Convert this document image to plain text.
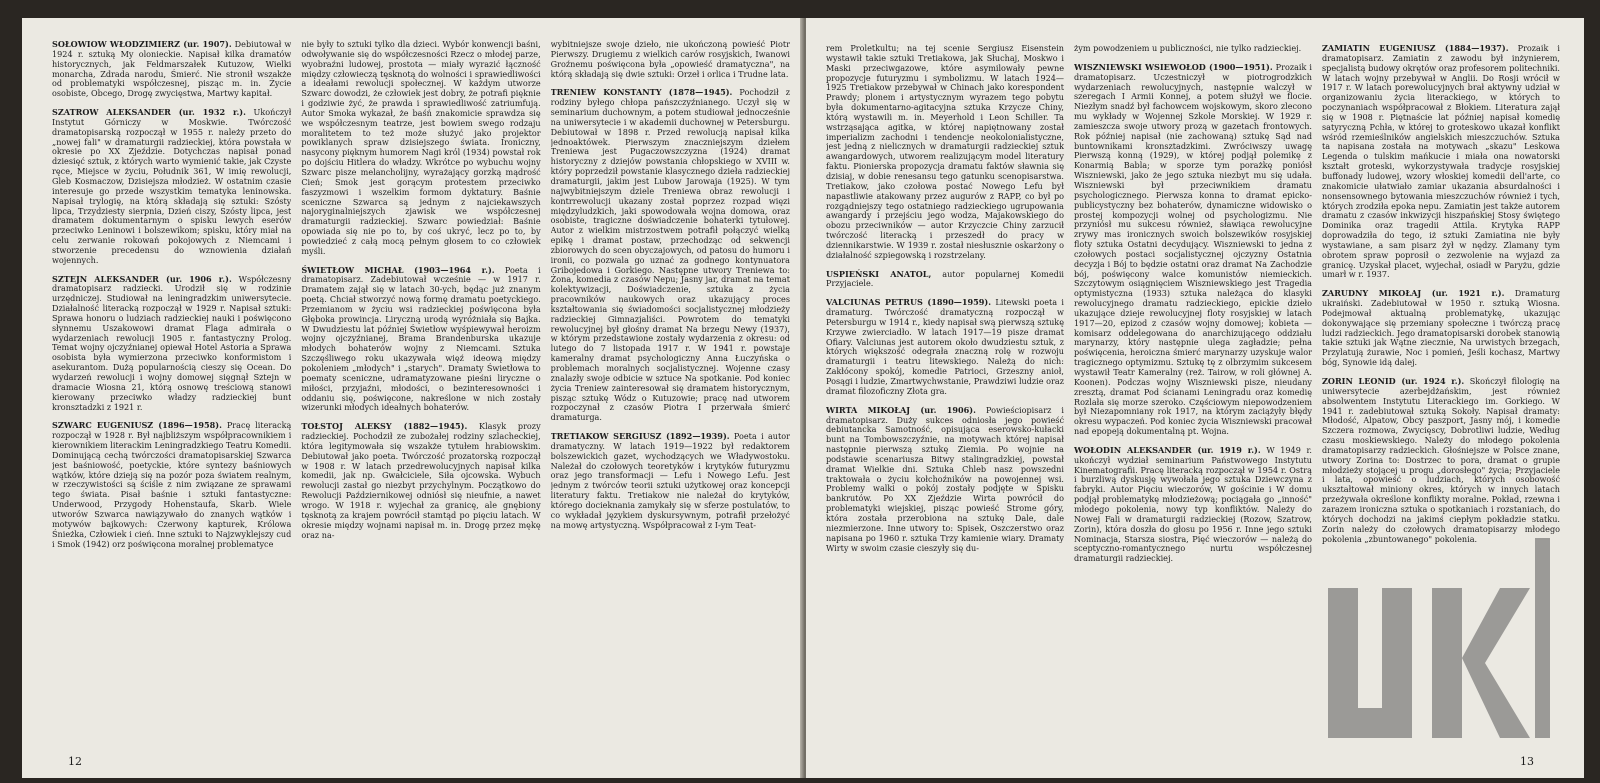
SOŁOWIOW WŁODZIMIERZ (ur. 1907). Debiutował w 1924 r. sztuką My olonieckie. Napisał kilka dramatów historycznych, jak Feldmarszałek Kutuzow, Wielki monarcha, Zdrada narodu, Śmierć. Nie stronił wszakże od problematyki współczesnej, pisząc m. in. Życie osobiste, Obcego, Drogę zwycięstwa, Martwy kapitał.

SZATROW ALEKSANDER (ur. 1932 r.). Ukończył Instytut Górniczy w Moskwie. Twórczość dramatopisarską rozpoczął w 1955 r. należy przeto do „nowej fali" w dramaturgii radzieckiej, która powstała w okresie po XX Zjeździe. Dotychczas napisał ponad dziesięć sztuk, z których warto wymienić takie, jak Czyste ręce, Miejsce w życiu, Południk 361, W imię rewolucji, Gleb Kosmaczow, Dzisiejsza młodzież. W ostatnim czasie interesuje go przede wszystkim tematyka leninowska. Napisał trylogię, na którą składają się sztuki: Szósty lipca, Trzydziesty sierpnia, Dzień ciszy, Szósty lipca, jest dramatem dokumentarnym o spisku lewych eserów przeciwko Leninowi i bolszewikom; spisku, który miał na celu zerwanie rokowań pokojowych z Niemcami i stworzenie precedensu do wznowienia działań wojennych.

SZTEJN ALEKSANDER (ur. 1906 r.). Współczesny dramatopisarz radziecki. Urodził się w rodzinie urzędniczej. Studiował na leningradzkim uniwersytecie. Działalność literacką rozpoczął w 1929 r. Napisał sztuki: Sprawa honoru o ludziach radzieckiej nauki i poświęcono słynnemu Uszakowowi dramat Flaga admirała o wydarzeniach rewolucji 1905 r. fantastyczny Prolog. Temat wojny ojczyźnianej opiewał Hotel Astoria a Sprawa osobista była wymierzona przeciwko konformistom i asekurantom. Dużą popularnością cieszy się Ocean. Do wydarzeń rewolucji i wojny domowej sięgnął Sztejn w dramacie Wiosna 21, którą osnowę treściową stanowi kierowany przeciwko władzy radzieckiej bunt kronsztadzki z 1921 r.

SZWARC EUGENIUSZ (1896—1958). Pracę literacką rozpoczął w 1928 r. Był najbliższym współpracownikiem i kierownikiem literackim Leningradzkiego Teatru Komedii. Dominującą cechą twórczości dramatopisarskiej Szwarca jest baśniowość, poetyckie, które syntezy baśniowych wątków, które dzieją się na pozór poza światem realnym, w rzeczywistości są ściśle z nim związane ze sprawami tego świata. Pisał baśnie i sztuki fantastyczne: Underwood, Przygody Hohenstaufa, Skarb. Wiele utworów Szwarca nawiązywało do znanych wątków i motywów bajkowych: Czerwony kapturek, Królowa Śnieżka, Człowiek i cień. Inne sztuki to Najzwyklejszy cud i Smok (1942) orz poświęcona moralnej problematyce

nie były to sztuki tylko dla dzieci. Wybór konwencji baśni, odwoływanie się do współczesności Rzecz o młodej parze, wyobraźni ludowej, prostota — miały wyrazić łączność między człowieczą tęsknotą do wolności i sprawiedliwości a ideałami rewolucji społecznej. W każdym utworze Szwarc dowodzi, że człowiek jest dobry, że potrafi pięknie i godziwie żyć, że prawda i sprawiedliwość zatriumfują. Autor Smoka wykazał, że baśń znakomicie sprawdza się we współczesnym teatrze, jest bowiem swego rodzaju moralitetem to też może służyć jako projektor powiklanych spraw dzisiejszego świata. Ironiczny, nasycony pięknym humorem Nagi król (1934) powstał rok po dojściu Hitlera do władzy. Wkrótce po wybuchu wojny Szwarc pisze melancholijny, wyrażający gorzką mądrość Cień; Smok jest gorącym protestem przeciwko faszyzmowi i wszelkim formom dyktatury. Baśnie sceniczne Szwarca są jednym z najciekawszych najoryginalniejszych zjawisk we współczesnej dramaturgii radzieckiej. Szwarc powiedział: Baśnie opowiada się nie po to, by coś ukryć, lecz po to, by powiedzieć z całą mocą pełnym głosem to co człowiek myśli.

ŚWIETŁOW MICHAŁ (1903—1964 r.). Poeta i dramatopisarz. Zadebiutował wcześnie — w 1917 r. Dramatem zajął się w latach 30-ych, będąc już znanym poetą. Chciał stworzyć nową formę dramatu poetyckiego. Przemianom w życiu wsi radzieckiej poświęcona była Głęboka prowincja. Liryczną urodą wyróżniała się Bajka. W Dwudziestu lat później Świetłow wyśpiewywał heroizm wojny ojczyźnianej, Brama Brandenburska ukazuje młodych bohaterów wojny z Niemcami. Sztuka Szczęśliwego roku ukazywała więź ideową między pokoleniem „młodych" i „starych". Dramaty Świetłowa to poematy sceniczne, udramatyzowane pieśni liryczne o miłości, przyjaźni, młodości, o bezinteresowności i oddaniu się, poświęcone, nakreślone w nich zostały wizerunki młodych ideałnych bohaterów.

TOŁSTOJ ALEKSY (1882—1945). Klasyk prozy radzieckiej. Pochodził ze zubożałej rodziny szlacheckiej, która legitymowała się wszakże tytułem hrabiowskim. Debiutował jako poeta. Twórczość prozatorską rozpoczął w 1908 r. W latach przedrewolucyjnych napisał kilka komedii, jak np. Gwałciciele, Siła ojcowska. Wybuch rewolucji zastał go niezbyt przychylnym. Początkowo do Rewolucji Październikowej odniósł się nieufnie, a nawet wrogo. W 1918 r. wyjechał za granicę, ale gnębiony tęsknotą za krajem powrócił stamtąd po pięciu latach. W okresie między wojnami napisał m. in. Drogę przez mękę oraz na-

wybitniejsze swoje dzieło, nie ukończoną powieść Piotr Pierwszy. Drugiemu z wielkich carów rosyjskich, Iwanowi Groźnemu poświęcona była „opowieść dramatyczna", na którą składają się dwie sztuki: Orzeł i orlica i Trudne lata.

TRENIEW KONSTANTY (1878—1945). Pochodził z rodziny byłego chłopa pańszczyźnianego. Uczył się w seminarium duchownym, a potem studiował jednocześnie na uniwersytecie i w akademii duchownej w Petersburgu. Debiutował w 1898 r. Przed rewolucją napisał kilka jednoaktówek. Pierwszym znaczniejszym dziełem Treniewa jest Pugaczowszczyzna (1924) dramat historyczny z dziejów powstania chłopskiego w XVIII w. który poprzedził powstanie klasycznego dzieła radzieckiej dramaturgii, jakim jest Lubow Jarowaja (1925). W tym najwybitniejszym dziele Treniewa obraz rewolucji i kontrrewolucji ukazany został poprzez rozpad więzi międzyludzkich, jaki spowodowała wojna domowa, oraz osobiste, tragiczne doświadczenie bohaterki tytułowej. Autor z wielkim mistrzostwem potrafił połączyć wielką epikę i dramat postaw, przechodząc od sekwencji zbiorowych do scen obyczajowych, od patosu do humoru i ironii, co pozwala go uznać za godnego kontynuatora Gribojedowa i Gorkiego. Następne utwory Treniewa to: Żona, komedia z czasów Nepu; Jasny jar, dramat na temat kolektywizacji, Doświadczenie, sztuka z życia pracowników naukowych oraz ukazujący proces kształtowania się świadomości socjalistycznej młodzieży radzieckiej Gimnazjaliści. Powrotem do tematyki rewolucyjnej był głośny dramat Na brzegu Newy (1937), w którym przedstawione zostały wydarzenia z okresu: od lutego do 7 listopada 1917 r. W 1941 r. powstaje kameralny dramat psychologiczny Anna Łuczyńska o problemach moralnych socjalistycznej. Wojenne czasy znalazły swoje odbicie w sztuce Na spotkanie. Pod koniec życia Treniew zainteresował się dramatem historycznym, pisząc sztukę Wódz o Kutuzowie; pracę nad utworem rozpoczynał z czasów Piotra I przerwała śmierć dramaturga.

TRETIAKOW SERGIUSZ (1892—1939). Poeta i autor dramatyczny. W latach 1919—1922 był redaktorem bolszewickich gazet, wychodzących we Władywostoku. Należał do czołowych teoretyków i krytyków futuryzmu oraz jego transformacji — Lefu i Nowego Lefu. Jest jednym z twórców teorii sztuki użytkowej oraz koncepcji literatury faktu. Tretiakow nie należał do krytyków, którego docieknania zamykały się w sferze postulatów, to co wykładał językiem dyskursywnym, potrafił przełożyć na mowę artystyczną. Współpracował z I-ym Teat-

12

rem Proletkultu; na tej scenie Sergiusz Eisenstein wystawił takie sztuki Tretiakowa, jak Słuchaj, Moskwo i Maski przeciwgazowe, które asymilowały pewne propozycje futuryzmu i symbolizmu. W latach 1924—1925 Tretiakow przebywał w Chinach jako korespondent Prawdy; plonem i artystycznym wyrazem tego pobytu była dokumentarno-agitacyjna sztuka Krzycze Chiny, którą wystawili m. in. Meyerhold i Leon Schiller. Ta wstrząsająca agitka, w której napiętnowany został imperializm zachodni i tendencje neokolonialistyczne, jest jedną z nielicznych w dramaturgii radzieckiej sztuk awangardowych, utworem realizującym model literatury faktu. Pionierska propozycja dramatu faktów sławnia się dzisiaj, w dobie renesansu tego gatunku scenopisarstwa. Tretiakow, jako czołowa postać Nowego Lefu był napastliwie atakowany przez augurów z RAPP, co był po rozgądniejszy tego ostatniego radzieckiego ugrupowania awangardy i przejściu jego wodza, Majakowskiego do obozu przeciwników — autor Krzyczcie Chiny zarzucił twórczość literacką i przeszedł do pracy w dziennikarstwie. W 1939 r. został niesłusznie oskarżony o działalność szpiegowską i rozstrzelany.

USPIEŃSKI ANATOL, autor popularnej Komedii Przyjaciele.

VALCIUNAS PETRUS (1890—1959). Litewski poeta i dramaturg. Twórczość dramatyczną rozpoczął w Petersburgu w 1914 r., kiedy napisał swą pierwszą sztukę Krzywe zwierciadło. W latach 1917—19 pisze dramat Ofiary. Valciunas jest autorem około dwudziestu sztuk, z których większość odegrała znaczną rolę w rozwoju dramaturgii i teatru litewskiego. Należą do nich: Zakłócony spokój, komedie Patrioci, Grzeszny anioł, Posągi i ludzie, Zmartwychwstanie, Prawdziwi ludzie oraz dramat filozoficzny Złota gra.

WIRTA MIKOŁAJ (ur. 1906). Powieściopisarz i dramatopisarz. Duży sukces odniosła jego powieść debiutancka Samotność, opisująca eserowsko-kułacki bunt na Tombowszczyźnie, na motywach której napisał następnie pierwszą sztukę Ziemia. Po wojnie na podstawie scenariusza Bitwy stalingradzkiej, powstał dramat Wielkie dni. Sztuka Chleb nasz powszedni traktowała o życiu kołchoźników na powojennej wsi. Problemy walki o pokój zostały podjęte w Spisku bankrutów. Po XX Zjeździe Wirta powrócił do problematyki wiejskiej, pisząc powieść Strome góry, która została przerobiona na sztukę Dale, dale niezmierzone. Inne utwory to: Spisek, Oszczerstwo oraz napisana po 1960 r. sztuka Trzy kamienie wiary. Dramaty Wirty w swoim czasie cieszyły się du-

żym powodzeniem u publiczności, nie tylko radzieckiej.

WISZNIEWSKI WSIEWOŁOD (1900—1951). Prozaik i dramatopisarz. Uczestniczył w piotrogrodzkich wydarzeniach rewolucyjnych, następnie walczył w szeregach I Armii Konnej, a potem służył we flocie. Niezłym snadź był fachowcem wojskowym, skoro zlecono mu wykłady w Wojennej Szkole Morskiej. W 1929 r. zamieszcza swoje utwory prozą w gazetach frontowych. Rok później napisał (nie zachowaną) sztukę Sąd nad buntownikami kronsztadzkimi. Zwróciwszy uwagę Pierwszą konną (1929), w której podjął polemikę z Konarmią Babla; w sporze tym porażkę poniósł Wiszniewski, jako że jego sztuka niezbyt mu się udała. Wiszniewski był przeciwnikiem dramatu psychologicznego. Pierwsza konna to dramat epicko-publicystyczny bez bohaterów, dynamiczne widowisko o prostej kompozycji wolnej od psychologizmu. Nie przyniósł mu sukcesu również, sławiąca rewolucyjne zrywy mas ironicznych swoich bolszewików rosyjskiej floty sztuka Ostatni decydujący. Wiszniewski to jedna z czołowych postaci socjalistycznej ojczyzny Ostatnia decyzja i Bój to będzie ostatni oraz dramat Na Zachodzie bój, poświęcony walce komunistów niemieckich. Szczytowym osiągnięciem Wiszniewskiego jest Tragedia optymistyczna (1933) sztuka należąca do klasyki rewolucyjnego dramatu radzieckiego, epickie dzieło ukazujące dzieje rewolucyjnej floty rosyjskiej w latach 1917—20, epizod z czasów wojny domowej; kobieta — komisarz oddelegowana do anarchizującego oddziału marynarzy, który następnie ulega zagładzie; pełna poświęcenia, heroiczna śmierć marynarzy uzyskuje walor tragicznego optymizmu. Sztukę tę z olbrzymim sukcesem wystawił Teatr Kameralny (reż. Tairow, w roli głównej A. Koonen). Podczas wojny Wiszniewski pisze, nieudany zresztą, dramat Pod ścianami Leningradu oraz komedię Rozlała się morze szeroko. Częściowym niepowodzeniem był Niezapomniany rok 1917, na którym zaciążyły błędy okresu wypaczeń. Pod koniec życia Wiszniewski pracował nad epopeją dokumentalną pt. Wojna.

WOŁODIN ALEKSANDER (ur. 1919 r.). W 1949 r. ukończył wydział seminarium Państwowego Instytutu Kinematografii. Pracę literacką rozpoczął w 1954 r. Ostrą i burzliwą dyskusję wywołała jego sztuka Dziewczyna z fabryki. Autor Pięciu wieczorów, W gościnie i W domu podjął problematykę młodzieżową; pociągała go „inność" młodego pokolenia, nowy typ konfliktów. Należy do Nowej Fali w dramaturgii radzieckiej (Rozow, Szatrow, Zorin), która doszła do głosu po 1956 r. Inne jego sztuki Nominacja, Starsza siostra, Pięć wieczorów — należą do sceptyczno-romantycznego nurtu współczesnej dramaturgii radzieckiej.

ZAMIATIN EUGENIUSZ (1884—1937). Prozaik i dramatopisarz. Zamiatin z zawodu był inżynierem, specjalistą budowy okrętów oraz profesorem politechniki. W latach wojny przebywał w Anglii. Do Rosji wrócił w 1917 r. W latach porewolucyjnych brał aktywny udział w organizowaniu życia literackiego, w których to poczynaniach współpracował z Błokiem. Literatura zajął się w 1908 r. Piętnaście lat później napisał komedię satyryczną Pchła, w której to groteskowo ukazał konflikt wśród rzemieślników angielskich mieszczuchów. Sztuka ta napisana została na motywach „skazu" Leskowa Legenda o tulskim mańkucie i miała ona nowatorski kształt groteski, wykorzystywała tradycje rosyjskiej buffonady ludowej, wzory włoskiej komedii dell'arte, co znakomicie ułatwiało zamiar ukazania absurdalności i nonsensownego bytowania mieszczuchów również i tych, których zrodziła epoka nepu. Zamiatin jest także autorem dramatu z czasów inkwizycji hiszpańskiej Stosy świętego Dominika oraz tragedii Attila. Krytyka RAPP doprowadziła do tego, iż sztuki Zamiatina nie były wystawiane, a sam pisarz żył w nędzy. Zlamany tym obrotem spraw poprosił o zezwolenie na wyjazd za granicę. Uzyskał placet, wyjechał, osiadł w Paryżu, gdzie umarł w r. 1937.

ZARUDNY MIKOŁAJ (ur. 1921 r.). Dramaturg ukraiński. Zadebiutował w 1950 r. sztuką Wiosna. Podejmował aktualną problematykę, ukazując dokonywające się przemiany społeczne i twórczą pracę ludzi radzieckich. Jego dramatopisarski dorobek stanowią takie sztuki jak Wątne ziecznie, Na urwistych brzegach, Przylatują żurawie, Noc i pomień, Jeśli kochasz, Martwy bóg, Synowie idą dalej.

ZORIN LEONID (ur. 1924 r.). Skończył filologię na uniwersytecie azerbejdżańskim, jest również absolwentem Instytutu Literackiego im. Gorkiego. W 1941 r. zadebiutował sztuką Sokoły. Napisał dramaty: Młodość, Alpatow, Obcy paszport, Jasny mój, i komedie Szczera rozmowa, Zwycięscy, Dobrotliwi ludzie, Według czasu moskiewskiego. Należy do młodego pokolenia dramatopisarzy radzieckich. Głośniejsze w Polsce znane, utwory Zorina to: Dostrzec to pora, dramat o grupie młodzieży stojącej u progu „dorosłego" życia; Przyjaciele i lata, opowieść o ludziach, których osobowość ukształtował miniony okres, których w innych latach przeżywała określone konflikty moralne. Pokład, rzewna i zarazem ironiczna sztuka o spotkaniach i rozstaniach, do których dochodzi na jakimś ciepłym pokładzie statku. Zorin należy do czołowych dramatopisarzy młodego pokolenia „zbuntowanego" pokolenia.

13
